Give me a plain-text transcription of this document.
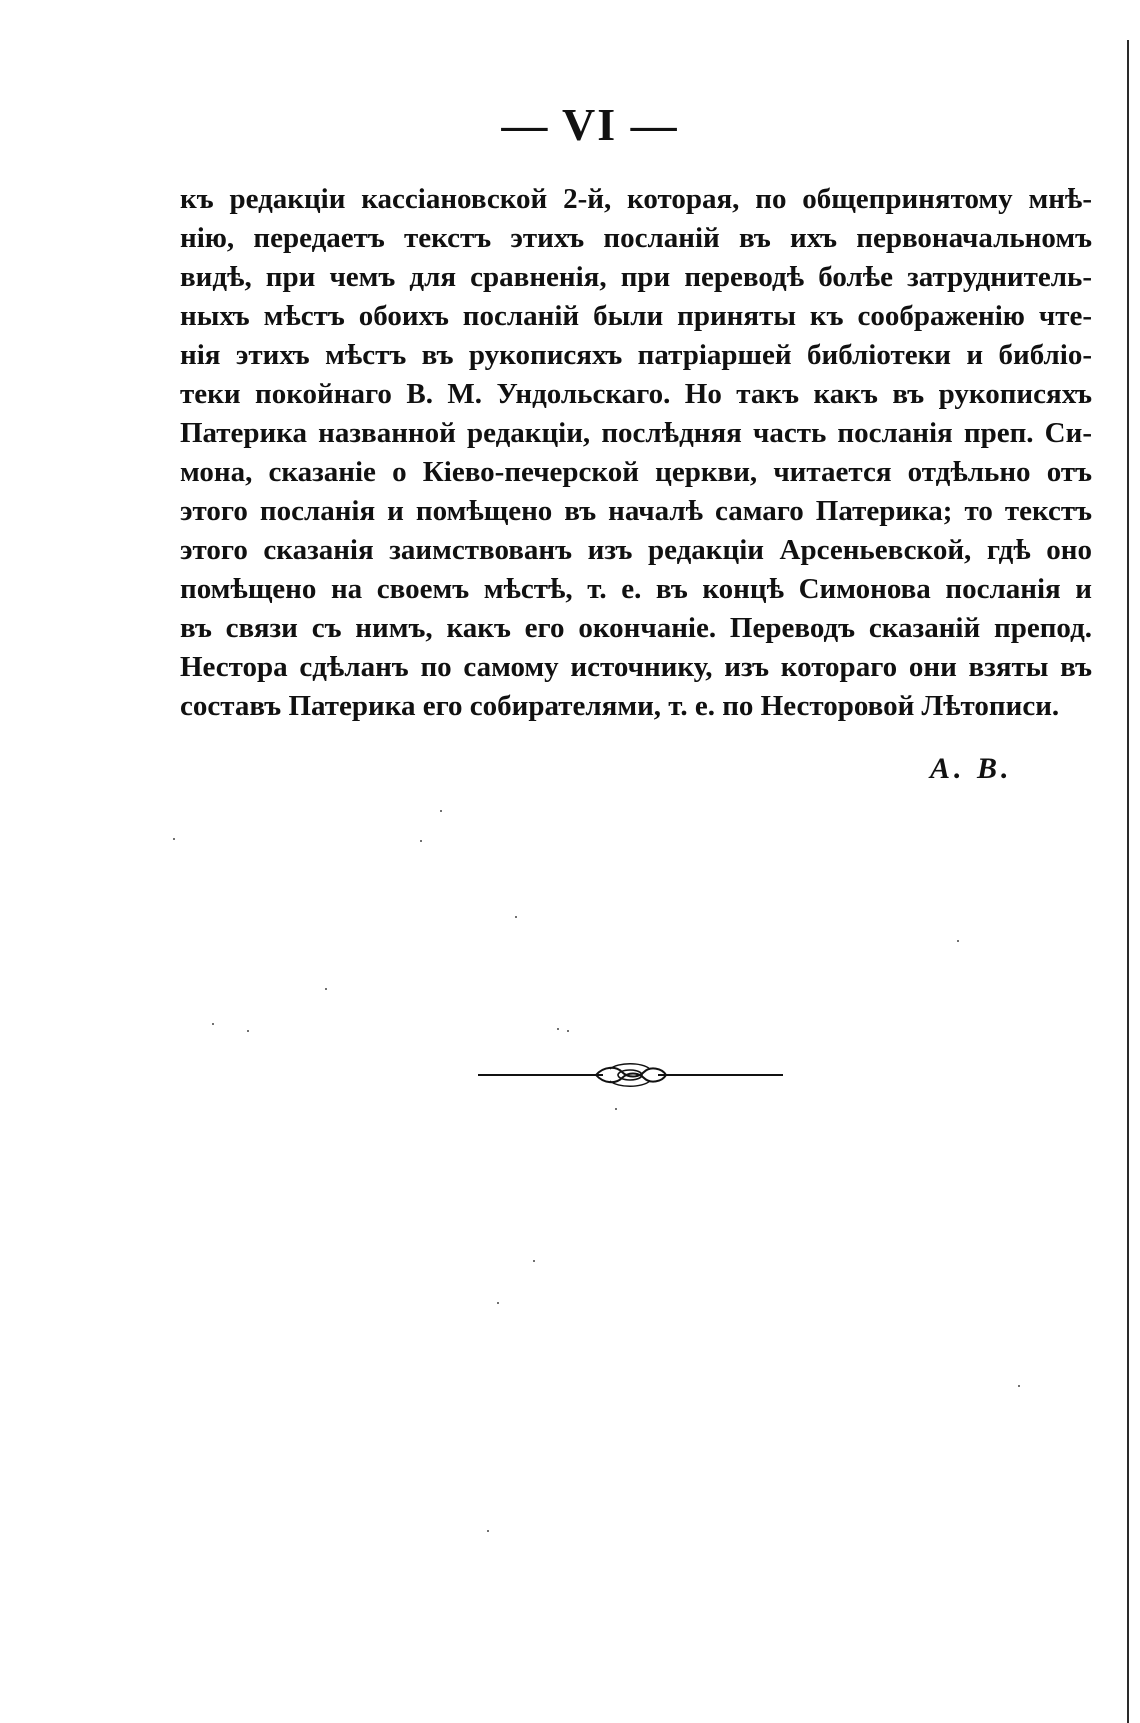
— VI —
къ редакціи кассіановской 2-й, которая, по общепринятому мнѣ-
нію, передаетъ текстъ этихъ посланій въ ихъ первоначальномъ
видѣ, при чемъ для сравненія, при переводѣ болѣе затруднитель-
ныхъ мѣстъ обоихъ посланій были приняты къ соображенію чте-
нія этихъ мѣстъ въ рукописяхъ патріаршей библіотеки и библіо-
теки покойнаго В. М. Ундольскаго. Но такъ какъ въ рукописяхъ
Патерика названной редакціи, послѣдняя часть посланія преп. Си-
мона, сказаніе о Кіево-печерской церкви, читается отдѣльно отъ
этого посланія и помѣщено въ началѣ самаго Патерика; то текстъ
этого сказанія заимствованъ изъ редакціи Арсеньевской, гдѣ оно
помѣщено на своемъ мѣстѣ, т. е. въ концѣ Симонова посланія и
въ связи съ нимъ, какъ его окончаніе. Переводъ сказаній препод.
Нестора сдѣланъ по самому источнику, изъ котораго они взяты въ
составъ Патерика его собирателями, т. е. по Несторовой Лѣтописи.
А. В.
